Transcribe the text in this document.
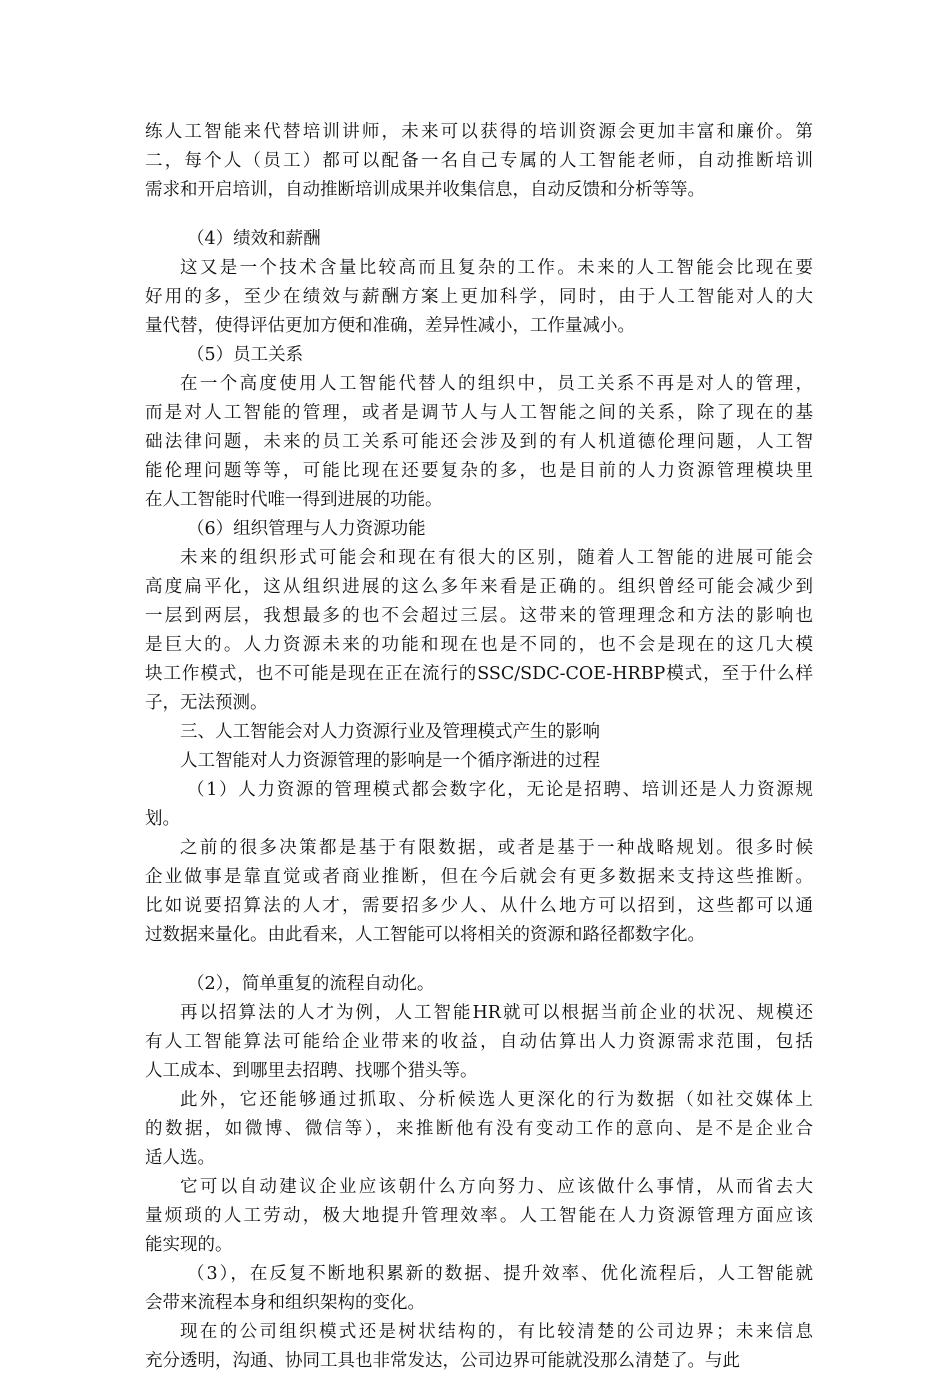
练人工智能来代替培训讲师，未来可以获得的培训资源会更加丰富和廉价。第
二，每个人（员工）都可以配备一名自己专属的人工智能老师，自动推断培训
需求和开启培训，自动推断培训成果并收集信息，自动反馈和分析等等。
（4）绩效和薪酬
这又是一个技术含量比较高而且复杂的工作。未来的人工智能会比现在要
好用的多，至少在绩效与薪酬方案上更加科学，同时，由于人工智能对人的大
量代替，使得评估更加方便和准确，差异性减小，工作量减小。
（5）员工关系
在一个高度使用人工智能代替人的组织中，员工关系不再是对人的管理，
而是对人工智能的管理，或者是调节人与人工智能之间的关系，除了现在的基
础法律问题，未来的员工关系可能还会涉及到的有人机道德伦理问题，人工智
能伦理问题等等，可能比现在还要复杂的多，也是目前的人力资源管理模块里
在人工智能时代唯一得到进展的功能。
（6）组织管理与人力资源功能
未来的组织形式可能会和现在有很大的区别，随着人工智能的进展可能会
高度扁平化，这从组织进展的这么多年来看是正确的。组织曾经可能会减少到
一层到两层，我想最多的也不会超过三层。这带来的管理理念和方法的影响也
是巨大的。人力资源未来的功能和现在也是不同的，也不会是现在的这几大模
块工作模式，也不可能是现在正在流行的SSC/SDC-COE-HRBP模式，至于什么样
子，无法预测。
三、人工智能会对人力资源行业及管理模式产生的影响
人工智能对人力资源管理的影响是一个循序渐进的过程
（1）人力资源的管理模式都会数字化，无论是招聘、培训还是人力资源规
划。
之前的很多决策都是基于有限数据，或者是基于一种战略规划。很多时候
企业做事是靠直觉或者商业推断，但在今后就会有更多数据来支持这些推断。
比如说要招算法的人才，需要招多少人、从什么地方可以招到，这些都可以通
过数据来量化。由此看来，人工智能可以将相关的资源和路径都数字化。
（2），简单重复的流程自动化。
再以招算法的人才为例，人工智能HR就可以根据当前企业的状况、规模还
有人工智能算法可能给企业带来的收益，自动估算出人力资源需求范围，包括
人工成本、到哪里去招聘、找哪个猎头等。
此外，它还能够通过抓取、分析候选人更深化的行为数据（如社交媒体上
的数据，如微博、微信等），来推断他有没有变动工作的意向、是不是企业合
适人选。
它可以自动建议企业应该朝什么方向努力、应该做什么事情，从而省去大
量烦琐的人工劳动，极大地提升管理效率。人工智能在人力资源管理方面应该
能实现的。
（3），在反复不断地积累新的数据、提升效率、优化流程后，人工智能就
会带来流程本身和组织架构的变化。
现在的公司组织模式还是树状结构的，有比较清楚的公司边界；未来信息
充分透明，沟通、协同工具也非常发达，公司边界可能就没那么清楚了。与此
